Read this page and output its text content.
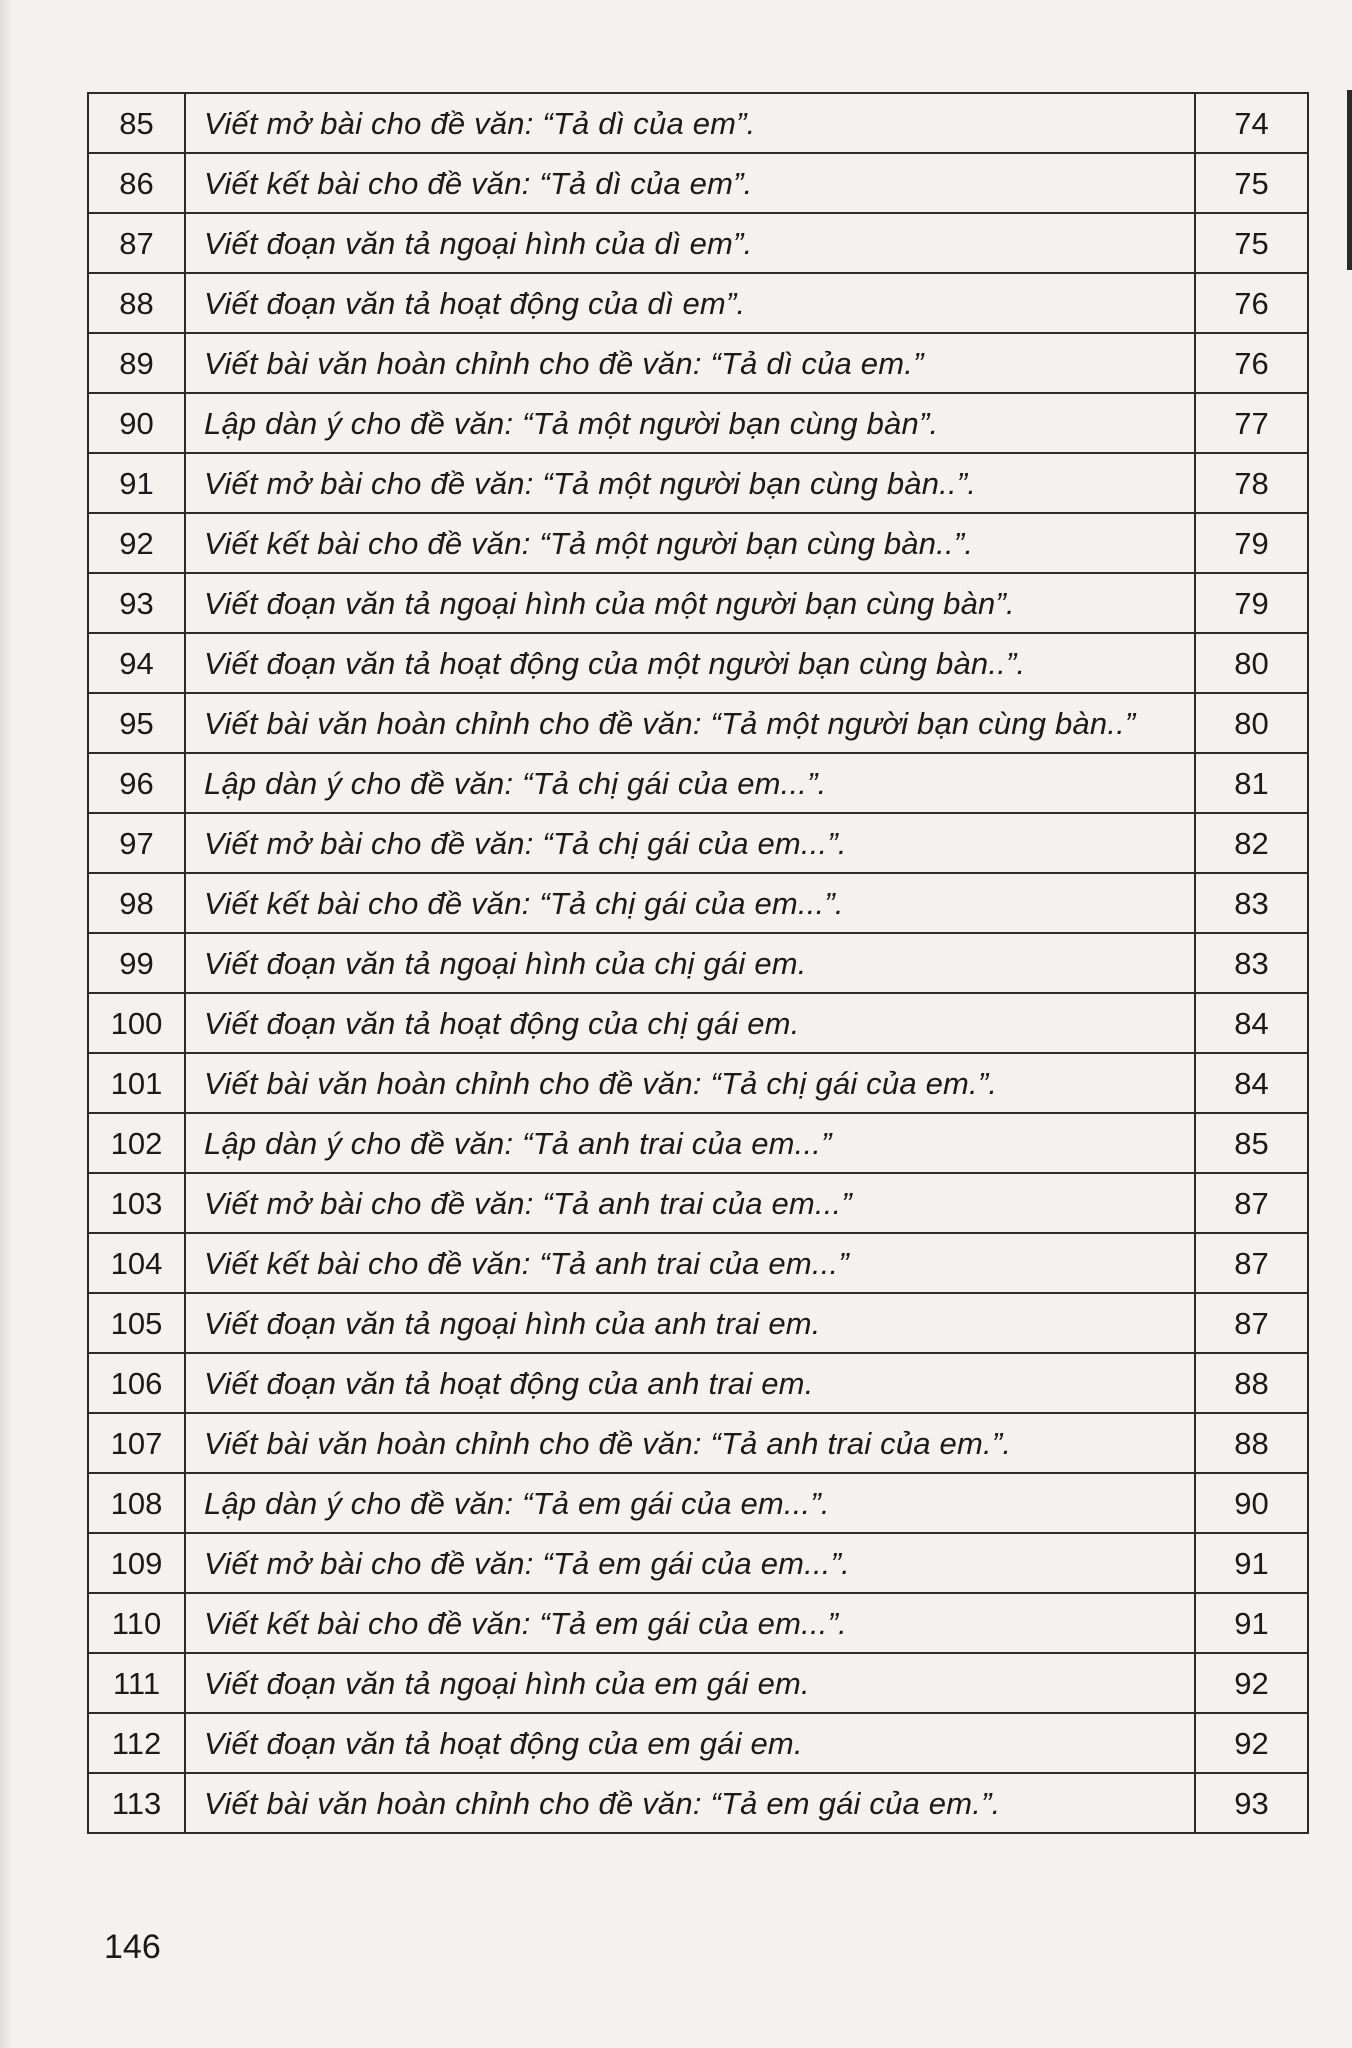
85	Viết mở bài cho đề văn: “Tả dì của em”.	74
86	Viết kết bài cho đề văn: “Tả dì của em”.	75
87	Viết đoạn văn tả ngoại hình của dì em”.	75
88	Viết đoạn văn tả hoạt động của dì em”.	76
89	Viết bài văn hoàn chỉnh cho đề văn: “Tả dì của em.”	76
90	Lập dàn ý cho đề văn: “Tả một người bạn cùng bàn”.	77
91	Viết mở bài cho đề văn: “Tả một người bạn cùng bàn..”.	78
92	Viết kết bài cho đề văn: “Tả một người bạn cùng bàn..”.	79
93	Viết đoạn văn tả ngoại hình của một người bạn cùng bàn”.	79
94	Viết đoạn văn tả hoạt động của một người bạn cùng bàn..”.	80
95	Viết bài văn hoàn chỉnh cho đề văn: “Tả một người bạn cùng bàn..”	80
96	Lập dàn ý cho đề văn: “Tả chị gái của em...”.	81
97	Viết mở bài cho đề văn: “Tả chị gái của em...”.	82
98	Viết kết bài cho đề văn: “Tả chị gái của em...”.	83
99	Viết đoạn văn tả ngoại hình của chị gái em.	83
100	Viết đoạn văn tả hoạt động của chị gái em.	84
101	Viết bài văn hoàn chỉnh cho đề văn: “Tả chị gái của em.”.	84
102	Lập dàn ý cho đề văn: “Tả anh trai của em...”	85
103	Viết mở bài cho đề văn: “Tả anh trai của em...”	87
104	Viết kết bài cho đề văn: “Tả anh trai của em...”	87
105	Viết đoạn văn tả ngoại hình của anh trai em.	87
106	Viết đoạn văn tả hoạt động của anh trai em.	88
107	Viết bài văn hoàn chỉnh cho đề văn: “Tả anh trai của em.”.	88
108	Lập dàn ý cho đề văn: “Tả em gái của em...”.	90
109	Viết mở bài cho đề văn: “Tả em gái của em...”.	91
110	Viết kết bài cho đề văn: “Tả em gái của em...”.	91
111	Viết đoạn văn tả ngoại hình của em gái em.	92
112	Viết đoạn văn tả hoạt động của em gái em.	92
113	Viết bài văn hoàn chỉnh cho đề văn: “Tả em gái của em.”.	93
146
